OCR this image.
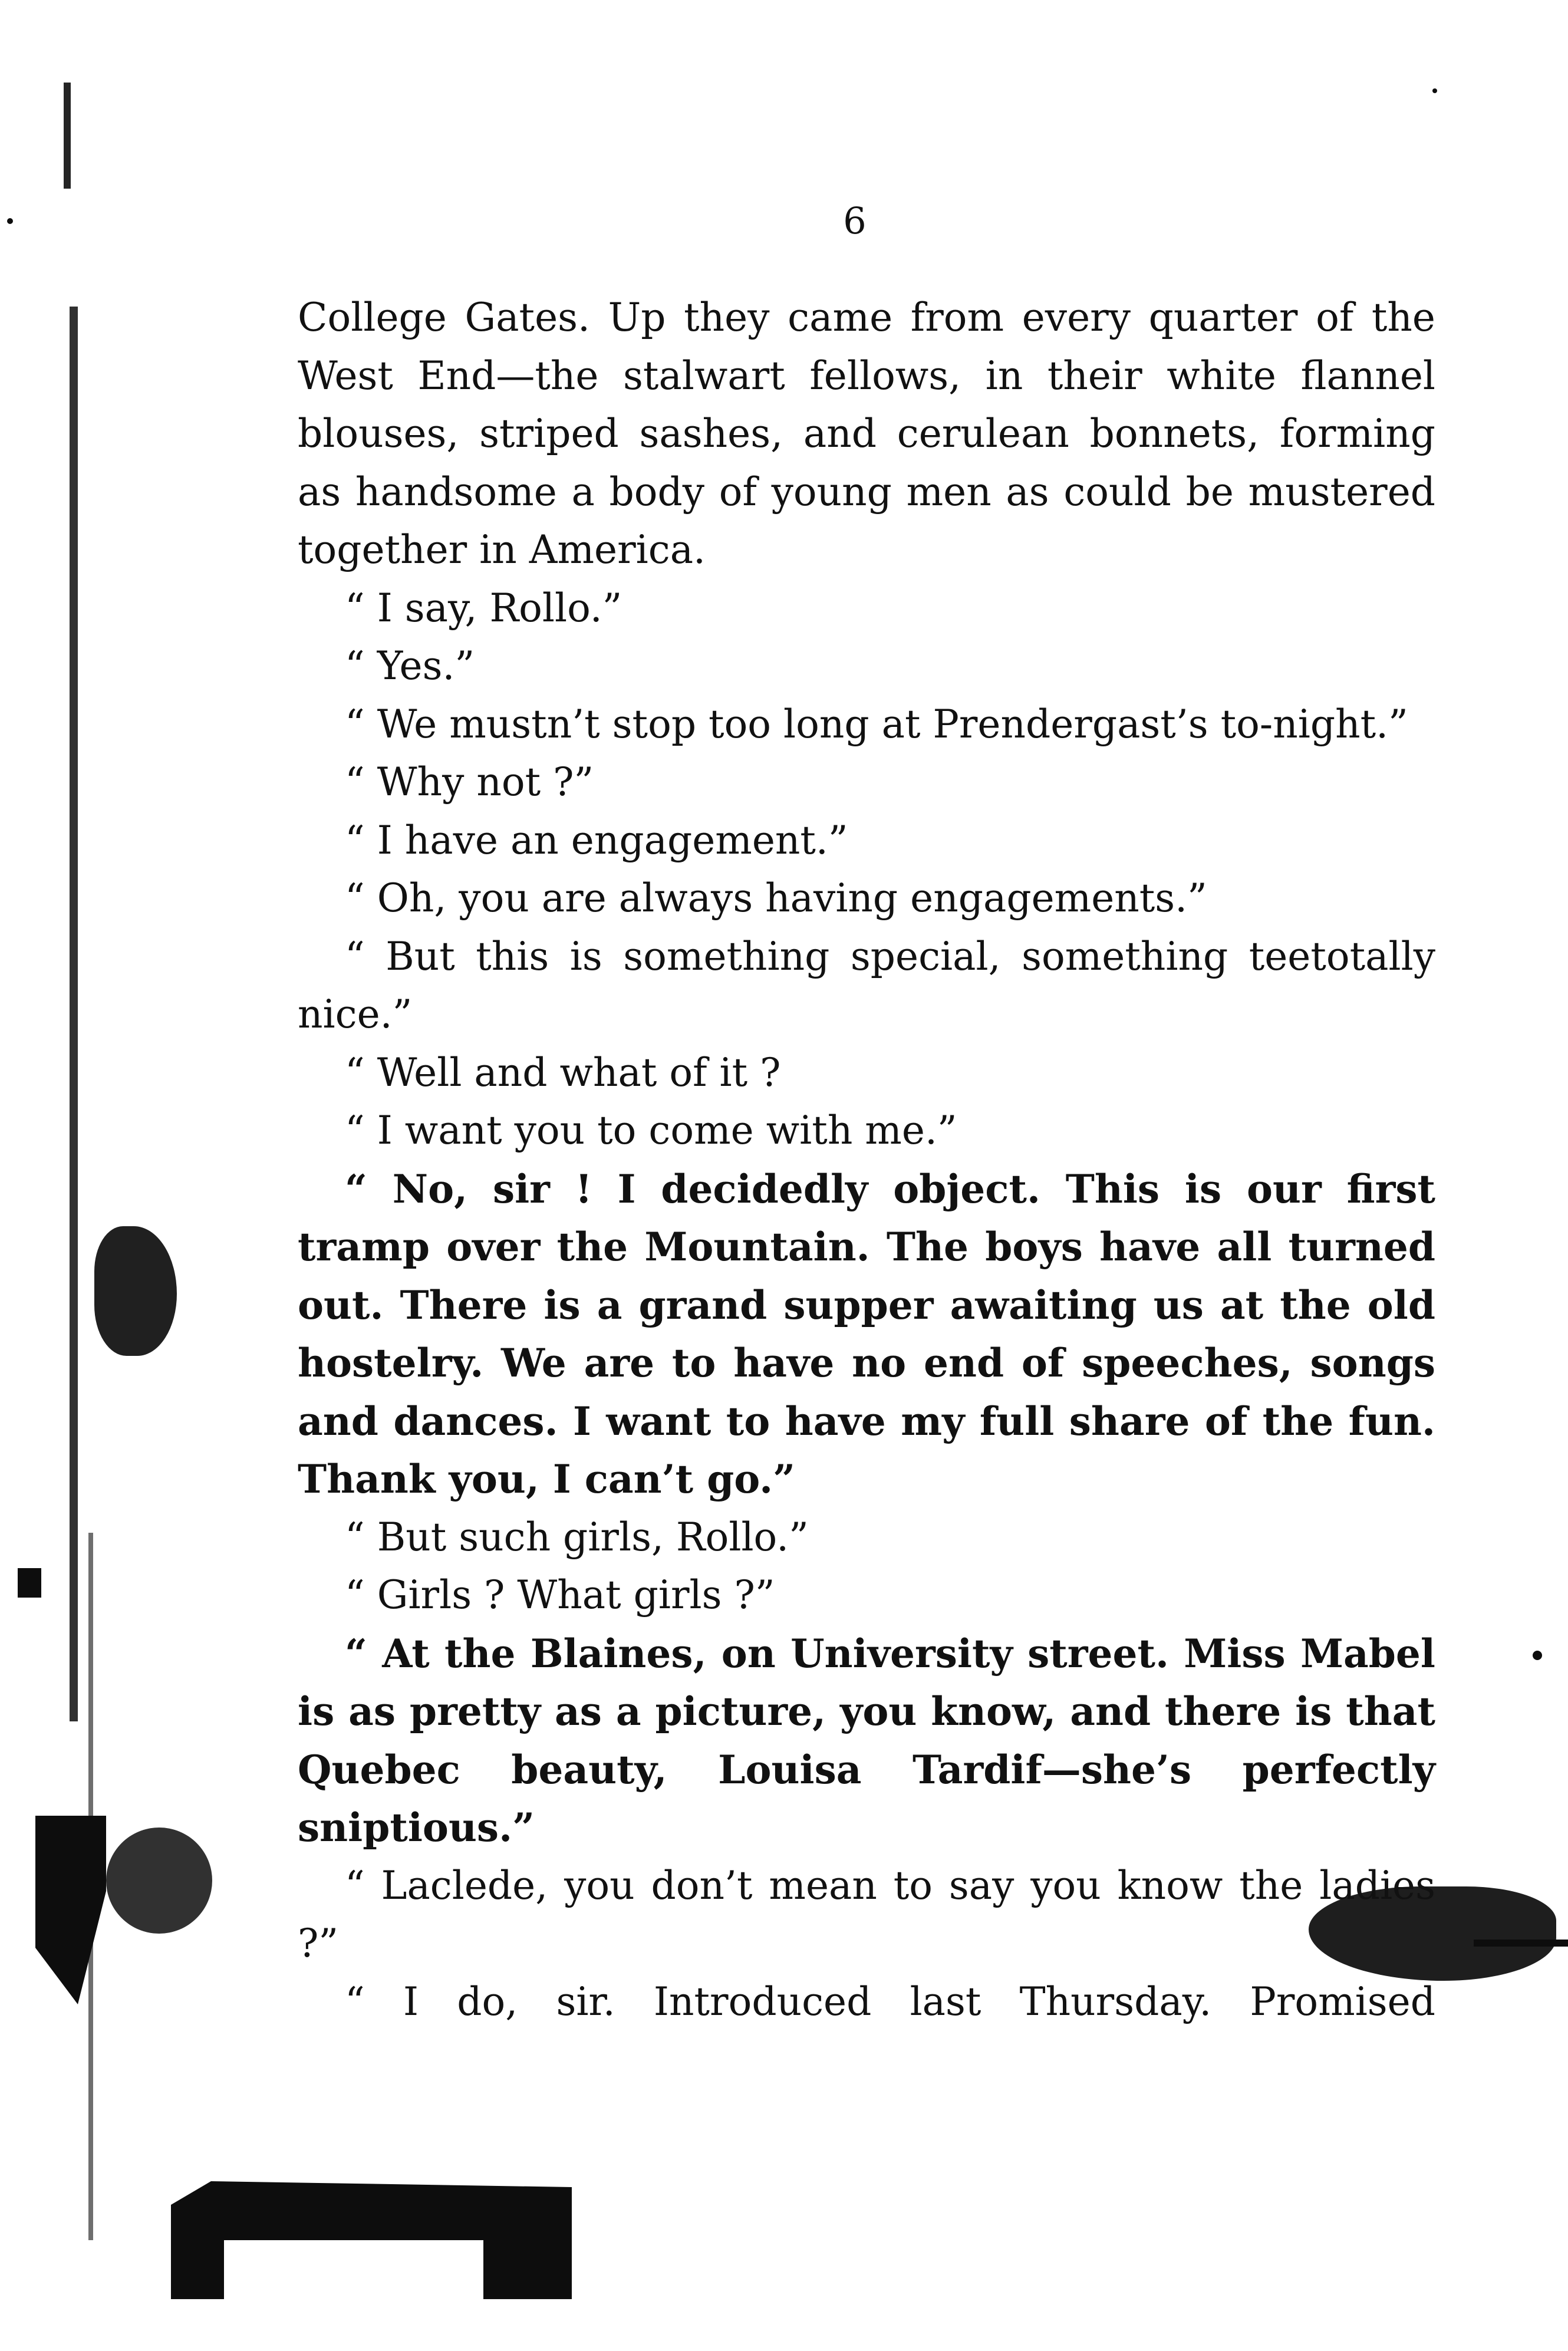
6

College Gates. Up they came from every quarter of the West End—the stalwart fellows, in their white flannel blouses, striped sashes, and cerulean bonnets, forming as handsome a body of young men as could be mustered together in America.

“ I say, Rollo.”

“ Yes.”

“ We mustn’t stop too long at Prendergast’s to-night.”

“ Why not ?”

“ I have an engagement.”

“ Oh, you are always having engagements.”

“ But this is something special, something teetotally nice.”

“ Well and what of it ?

“ I want you to come with me.”

“ No, sir ! I decidedly object. This is our first tramp over the Mountain. The boys have all turned out. There is a grand supper awaiting us at the old hostelry. We are to have no end of speeches, songs and dances. I want to have my full share of the fun. Thank you, I can’t go.”

“ But such girls, Rollo.”

“ Girls ? What girls ?”

“ At the Blaines, on University street. Miss Mabel is as pretty as a picture, you know, and there is that Quebec beauty, Louisa Tardif—she’s perfectly sniptious.”

“ Laclede, you don’t mean to say you know the ladies ?”

“ I do, sir. Introduced last Thursday. Promised
